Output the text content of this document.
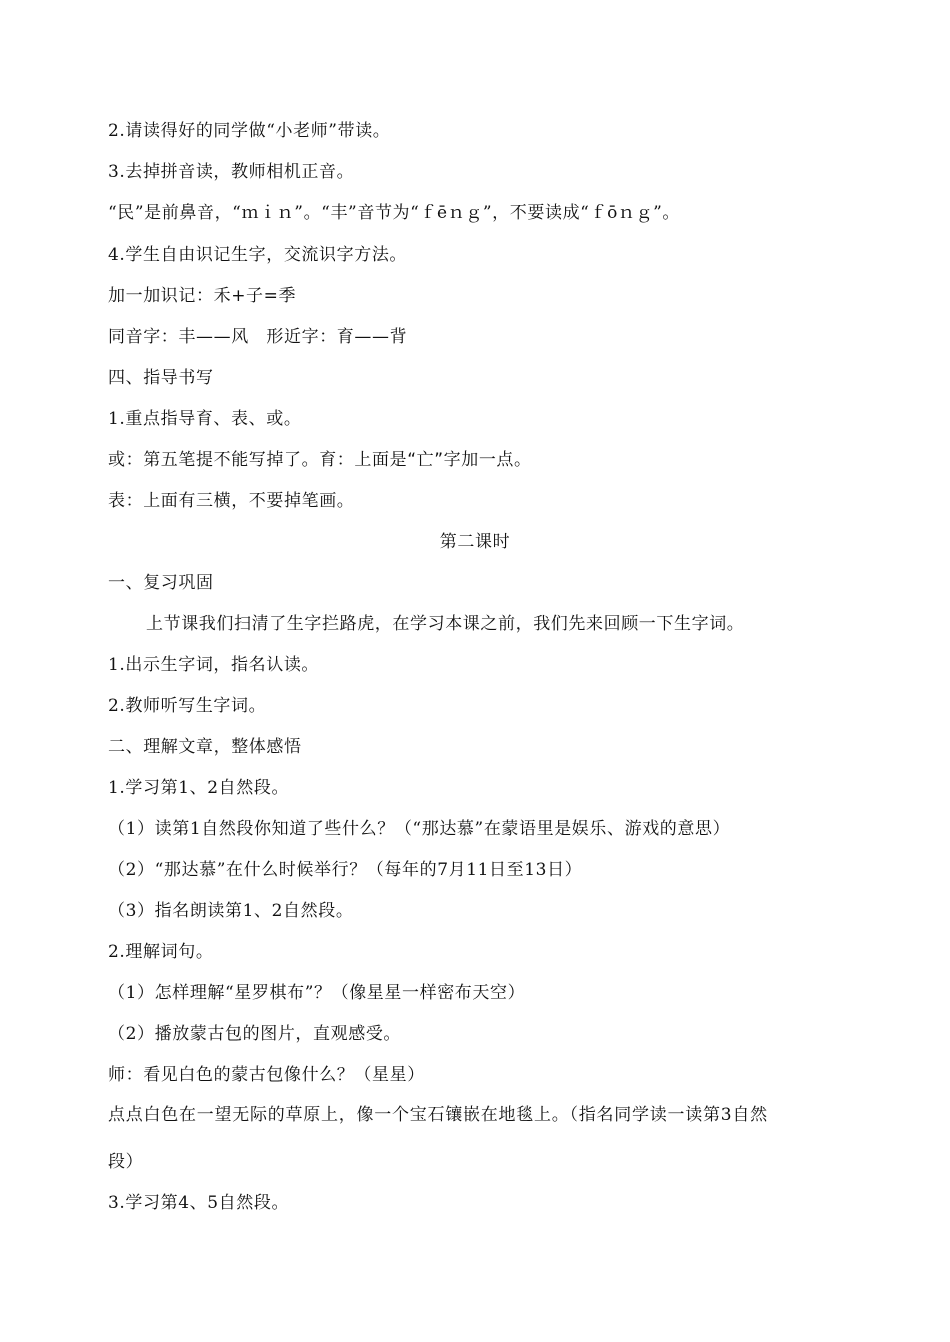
2.请读得好的同学做“小老师”带读。
3.去掉拼音读，教师相机正音。
“民”是前鼻音，“ｍｉｎ”。“丰”音节为“ｆēｎｇ”，不要读成“ｆōｎｇ”。
4.学生自由识记生字，交流识字方法。
加一加识记：禾+子=季
同音字：丰——风　形近字：育——背
四、指导书写
1.重点指导育、表、或。
或：第五笔提不能写掉了。育：上面是“亡”字加一点。
表：上面有三横，不要掉笔画。
第二课时
一、复习巩固
上节课我们扫清了生字拦路虎，在学习本课之前，我们先来回顾一下生字词。
1.出示生字词，指名认读。
2.教师听写生字词。
二、理解文章，整体感悟
1.学习第1、2自然段。
（1）读第1自然段你知道了些什么？（“那达慕”在蒙语里是娱乐、游戏的意思）
（2）“那达慕”在什么时候举行？（每年的7月11日至13日）
（3）指名朗读第1、2自然段。
2.理解词句。
（1）怎样理解“星罗棋布”？（像星星一样密布天空）
（2）播放蒙古包的图片，直观感受。
师：看见白色的蒙古包像什么？（星星）
点点白色在一望无际的草原上，像一个宝石镶嵌在地毯上。（指名同学读一读第3自然
段）
3.学习第4、5自然段。
